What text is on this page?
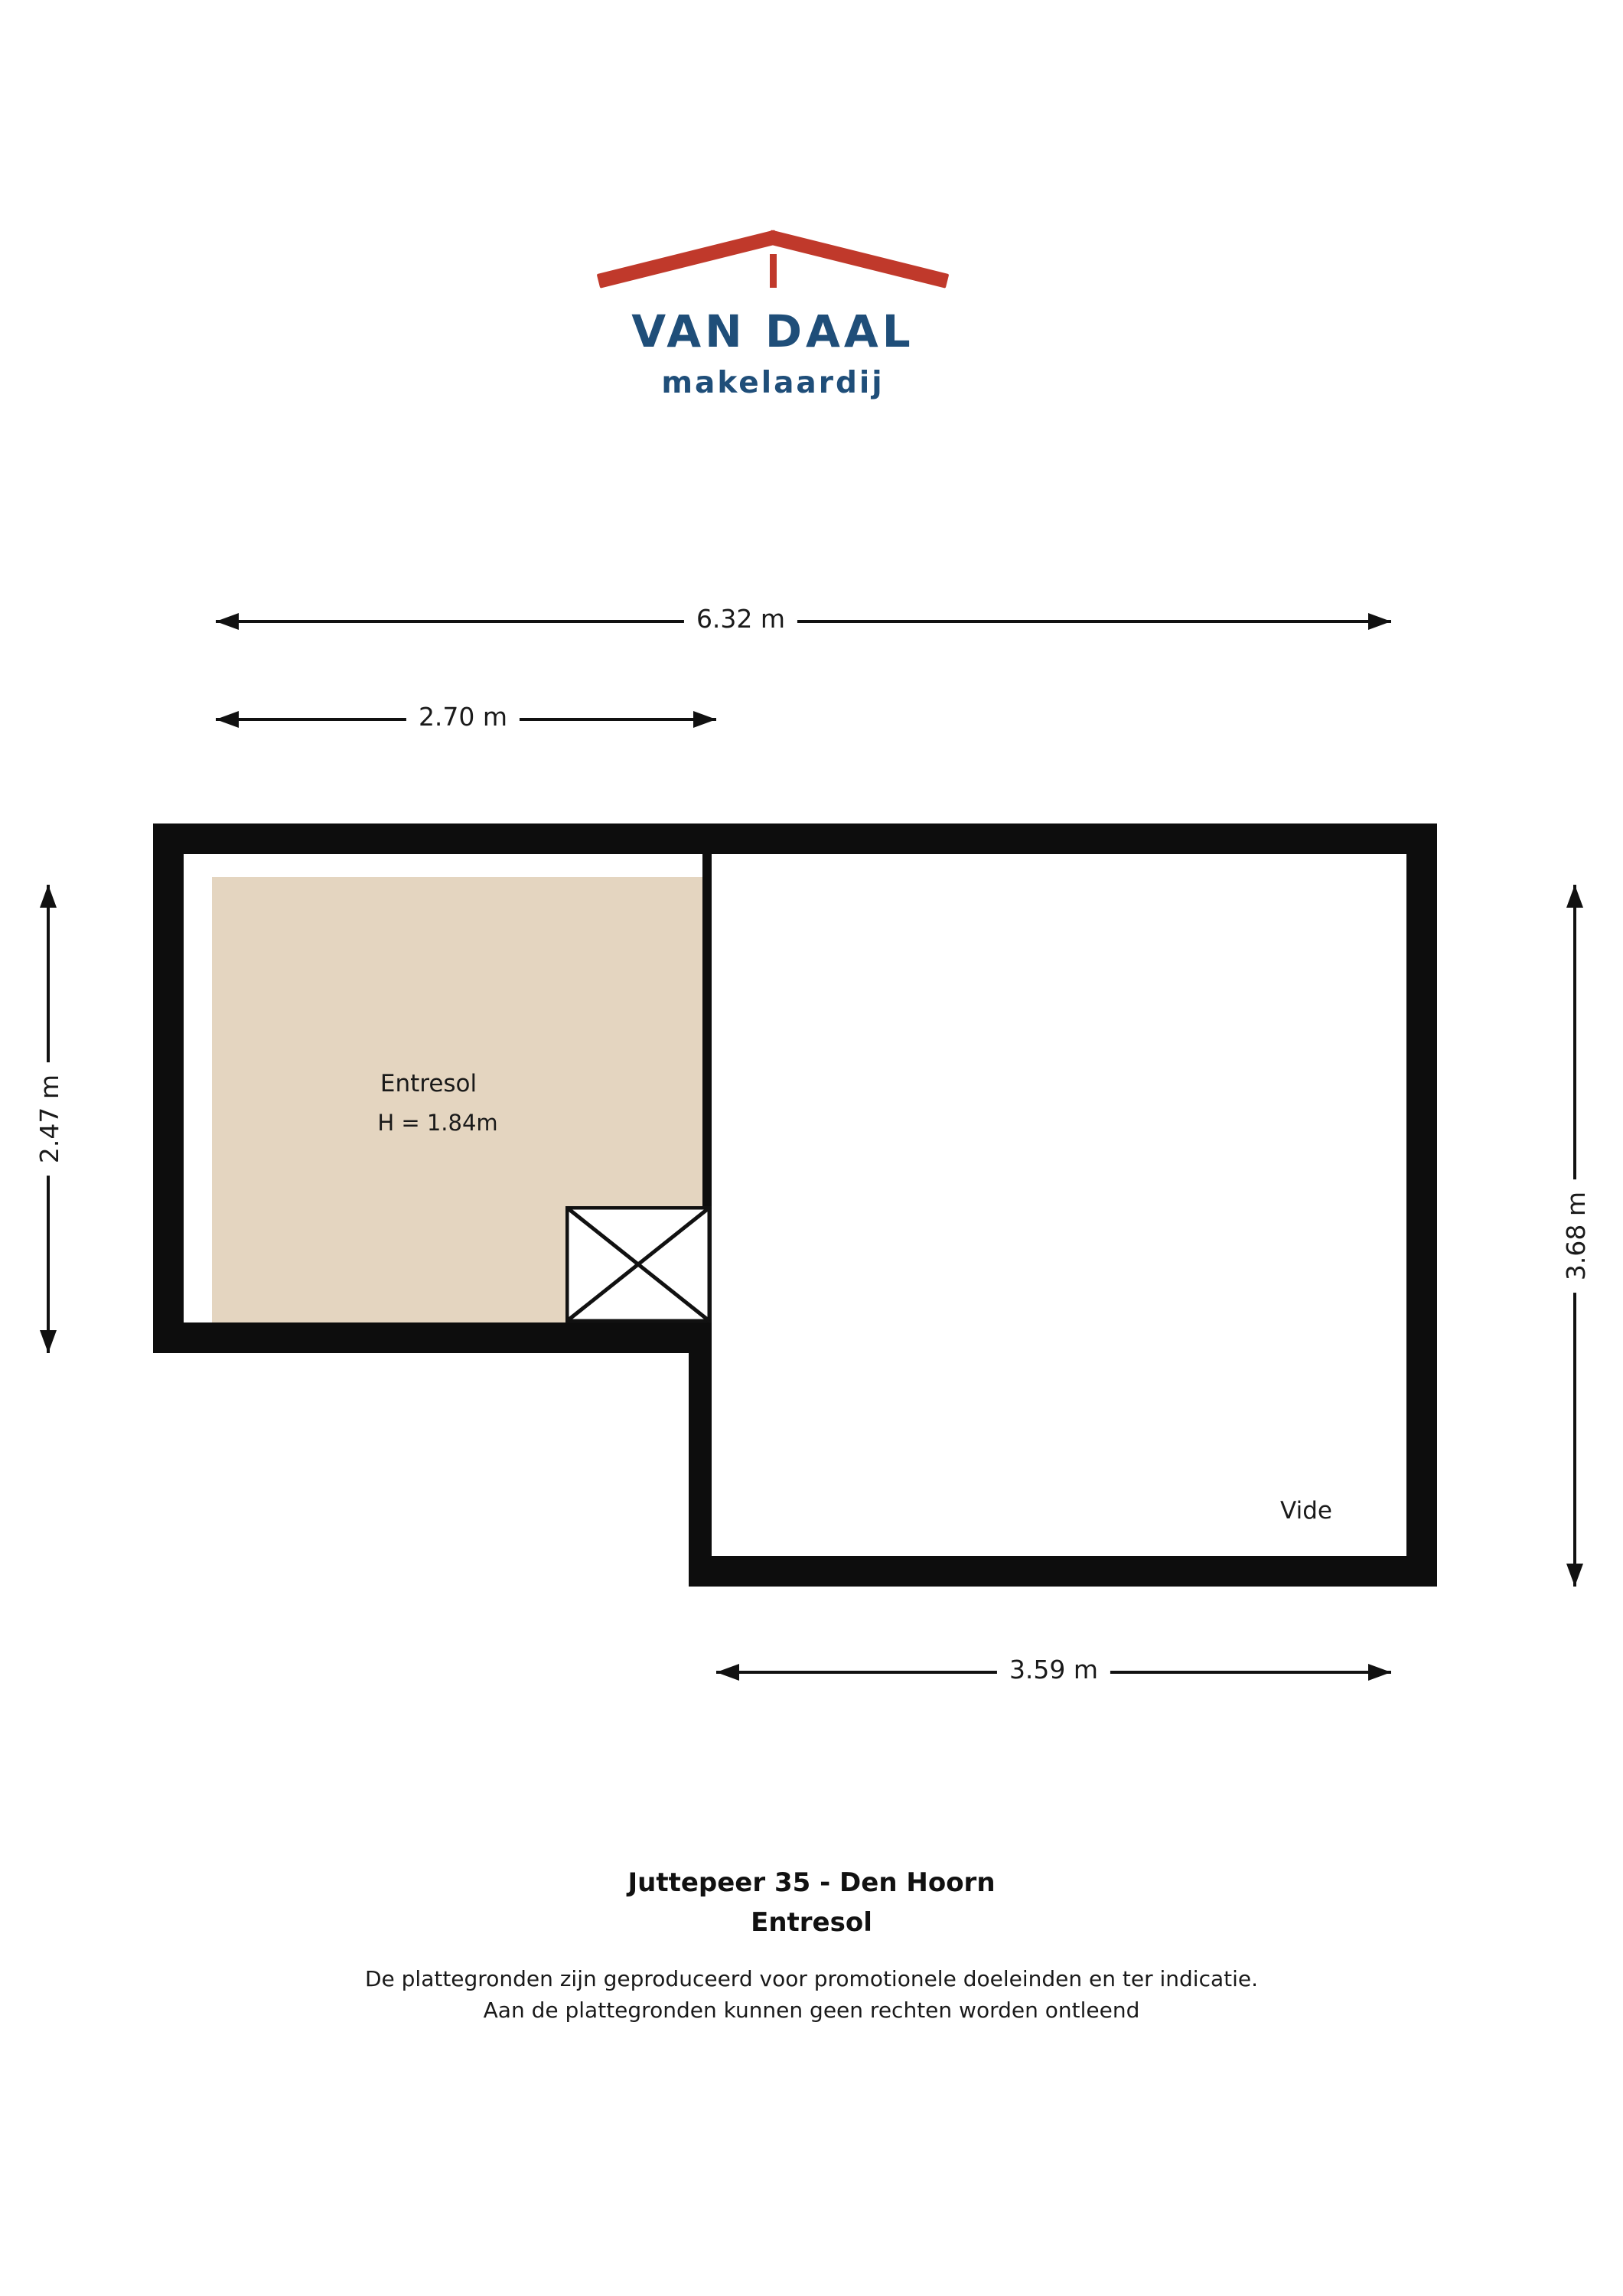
VAN DAAL
makelaardij
6.32 m
2.70 m
2.47 m
3.68 m
3.59 m
Entresol
H = 1.84m
Vide
Juttepeer 35 - Den Hoorn
Entresol
De plattegronden zijn geproduceerd voor promotionele doeleinden en ter indicatie.
Aan de plattegronden kunnen geen rechten worden ontleend
